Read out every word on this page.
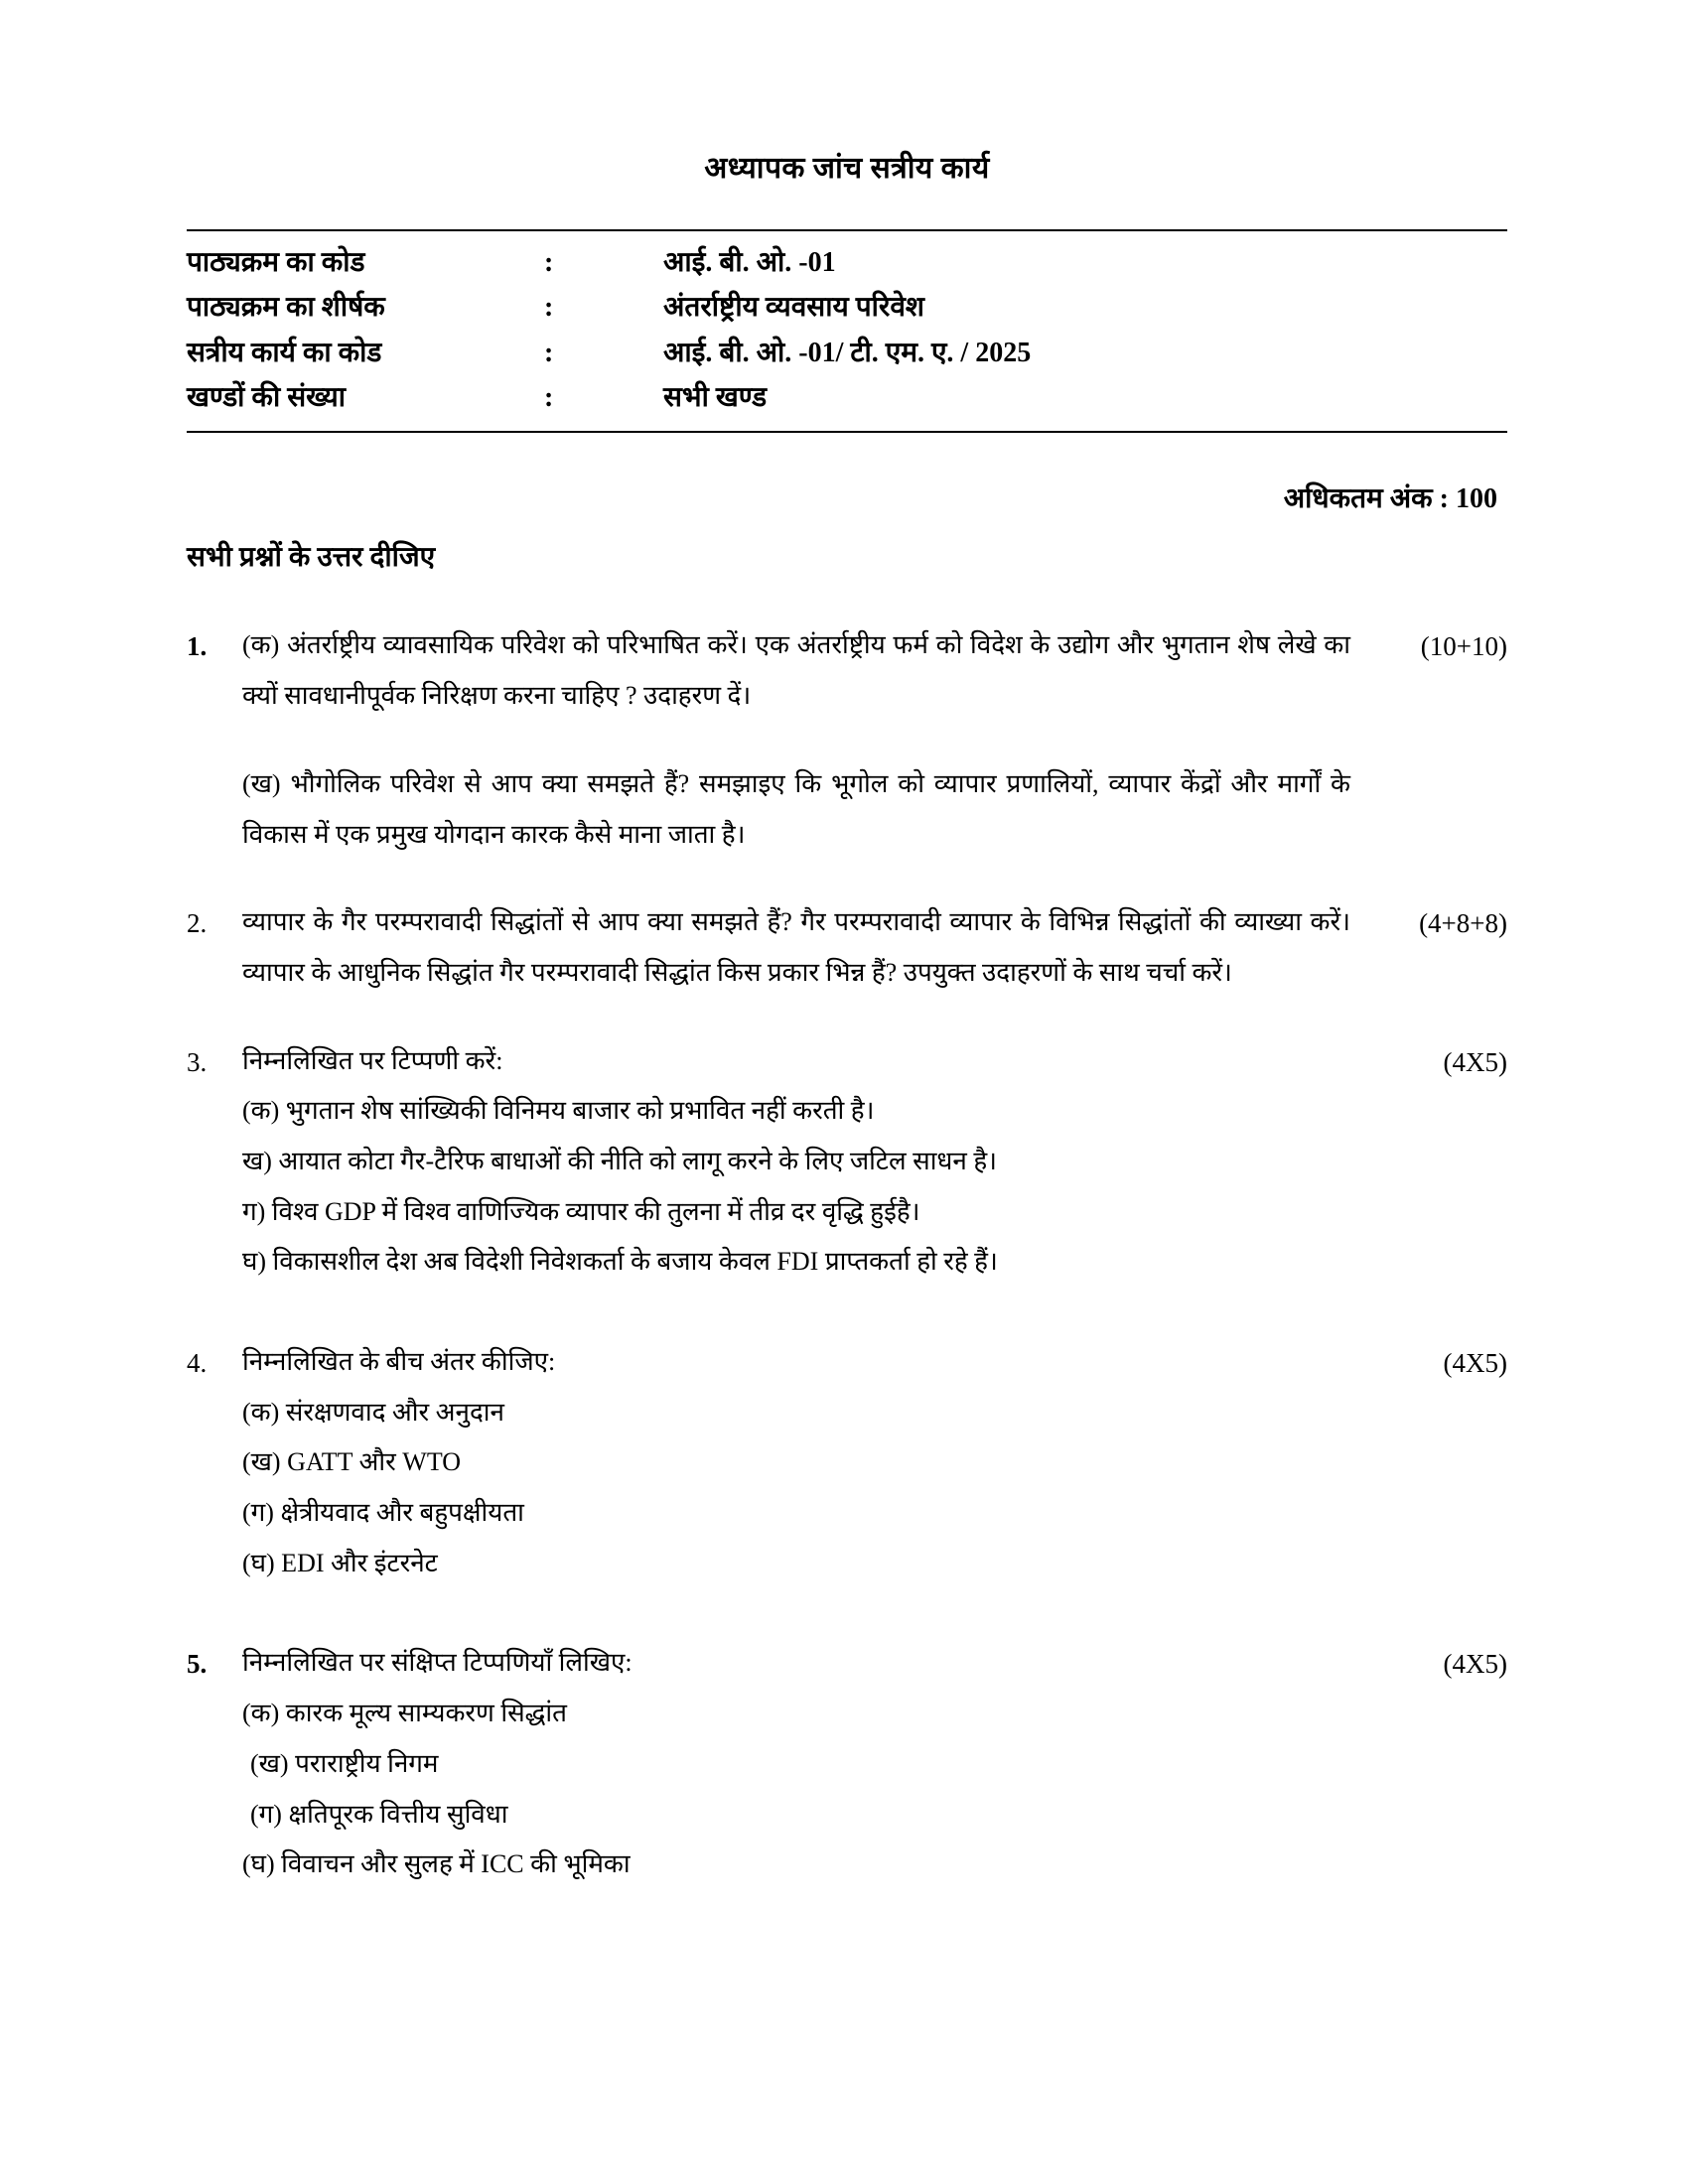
अध्यापक जांच सत्रीय कार्य
पाठ्यक्रम का कोड	:	आई. बी. ओ. -01
पाठ्यक्रम का शीर्षक	:	अंतर्राष्ट्रीय व्यवसाय परिवेश
सत्रीय कार्य का कोड	:	आई. बी. ओ. -01/ टी. एम. ए. / 2025
खण्डों की संख्या	:	सभी खण्ड
अधिकतम अंक : 100
सभी प्रश्नों के उत्तर दीजिए
1.	(क) अंतर्राष्ट्रीय व्यावसायिक परिवेश को परिभाषित करें। एक अंतर्राष्ट्रीय फर्म को विदेश के उद्योग और भुगतान शेष लेखे का क्यों सावधानीपूर्वक निरिक्षण करना चाहिए ? उदाहरण दें।
(ख) भौगोलिक परिवेश से आप क्या समझते हैं? समझाइए कि भूगोल को व्यापार प्रणालियों, व्यापार केंद्रों और मार्गों के विकास में एक प्रमुख योगदान कारक कैसे माना जाता है।
(10+10)
2.	व्यापार के गैर परम्परावादी सिद्धांतों से आप क्या समझते हैं? गैर परम्परावादी व्यापार के विभिन्न सिद्धांतों की व्याख्या करें। व्यापार के आधुनिक सिद्धांत गैर परम्परावादी सिद्धांत किस प्रकार भिन्न हैं? उपयुक्त उदाहरणों के साथ चर्चा करें।
(4+8+8)
3.	निम्नलिखित पर टिप्पणी करें:
(क) भुगतान शेष सांख्यिकी विनिमय बाजार को प्रभावित नहीं करती है।
ख) आयात कोटा गैर-टैरिफ बाधाओं की नीति को लागू करने के लिए जटिल साधन है।
ग) विश्व GDP में विश्व वाणिज्यिक व्यापार की तुलना में तीव्र दर वृद्धि हुईहै।
घ) विकासशील देश अब विदेशी निवेशकर्ता के बजाय केवल FDI प्राप्तकर्ता हो रहे हैं।
(4X5)
4.	निम्नलिखित के बीच अंतर कीजिए:
(क) संरक्षणवाद और अनुदान
(ख) GATT और WTO
(ग) क्षेत्रीयवाद और बहुपक्षीयता
(घ) EDI और इंटरनेट
(4X5)
5.	निम्नलिखित पर संक्षिप्त टिप्पणियाँ लिखिए:
(क) कारक मूल्य साम्यकरण सिद्धांत
(ख) पराराष्ट्रीय निगम
(ग) क्षतिपूरक वित्तीय सुविधा
(घ) विवाचन और सुलह में ICC की भूमिका
(4X5)
